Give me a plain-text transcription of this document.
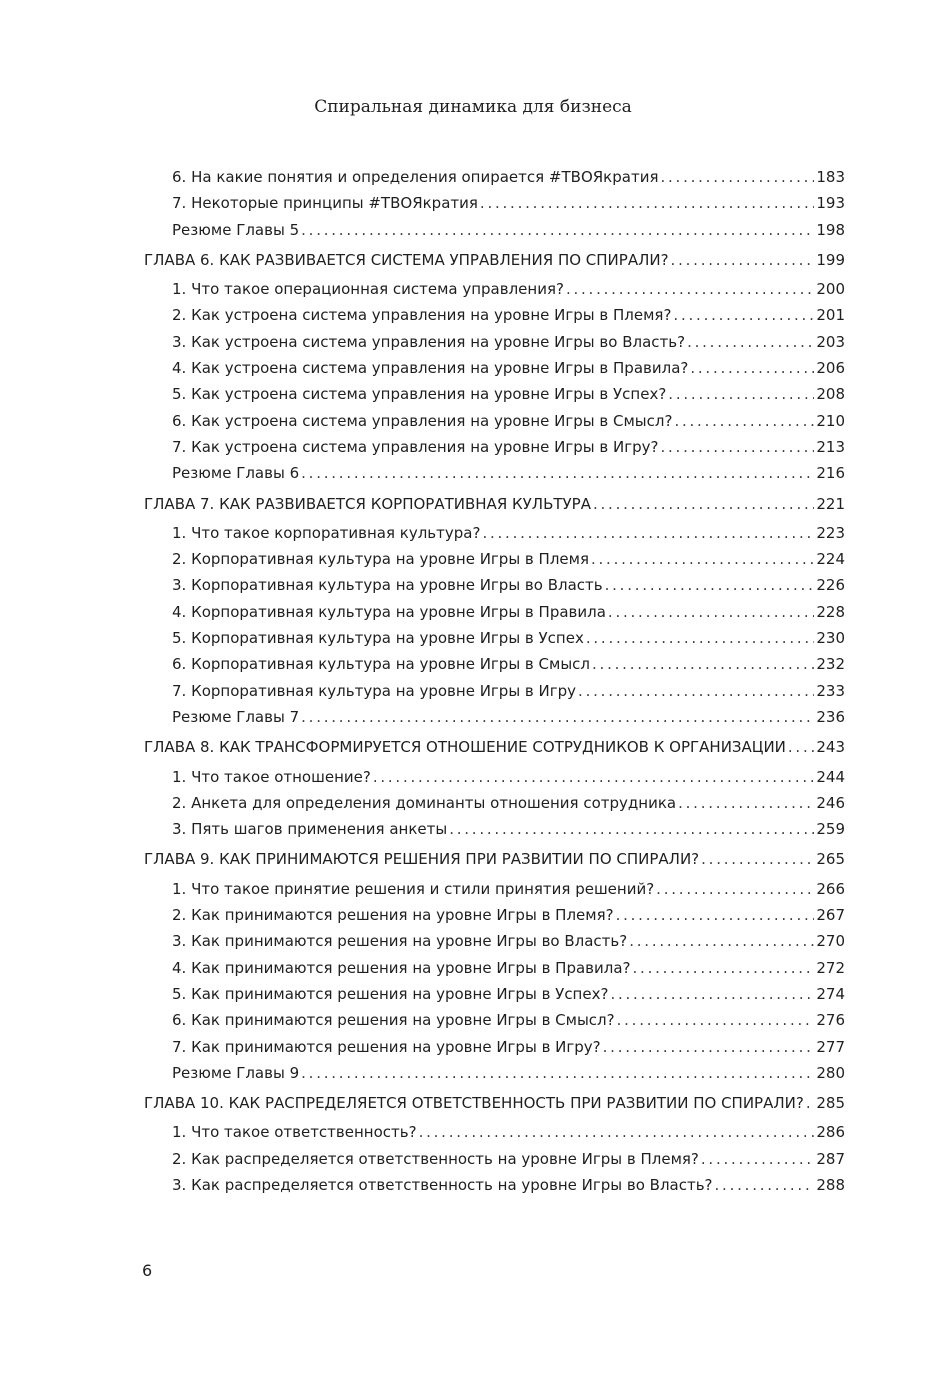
Спиральная динамика для бизнеса
6. На какие понятия и определения опирается #ТВОЯкратия . . .	183
7. Некоторые принципы #ТВОЯкратия . . .	193
Резюме Главы 5 . . .	198
ГЛАВА 6. КАК РАЗВИВАЕТСЯ СИСТЕМА УПРАВЛЕНИЯ ПО СПИРАЛИ? . . .	199
1. Что такое операционная система управления? . . .	200
2. Как устроена система управления на уровне Игры в Племя? . . .	201
3. Как устроена система управления на уровне Игры во Власть? . . .	203
4. Как устроена система управления на уровне Игры в Правила? . . .	206
5. Как устроена система управления на уровне Игры в Успех? . . .	208
6. Как устроена система управления на уровне Игры в Смысл? . . .	210
7. Как устроена система управления на уровне Игры в Игру? . . .	213
Резюме Главы 6 . . .	216
ГЛАВА 7. КАК РАЗВИВАЕТСЯ КОРПОРАТИВНАЯ КУЛЬТУРА . . .	221
1. Что такое корпоративная культура? . . .	223
2. Корпоративная культура на уровне Игры в Племя . . .	224
3. Корпоративная культура на уровне Игры во Власть . . .	226
4. Корпоративная культура на уровне Игры в Правила . . .	228
5. Корпоративная культура на уровне Игры в Успех . . .	230
6. Корпоративная культура на уровне Игры в Смысл . . .	232
7. Корпоративная культура на уровне Игры в Игру . . .	233
Резюме Главы 7 . . .	236
ГЛАВА 8. КАК ТРАНСФОРМИРУЕТСЯ ОТНОШЕНИЕ СОТРУДНИКОВ К ОРГАНИЗАЦИИ . . . 243
1. Что такое отношение? . . .	244
2. Анкета для определения доминанты отношения сотрудника . . .	246
3. Пять шагов применения анкеты . . .	259
ГЛАВА 9. КАК ПРИНИМАЮТСЯ РЕШЕНИЯ ПРИ РАЗВИТИИ ПО СПИРАЛИ? . . .	265
1. Что такое принятие решения и стили принятия решений? . . .	266
2. Как принимаются решения на уровне Игры в Племя? . . .	267
3. Как принимаются решения на уровне Игры во Власть? . . .	270
4. Как принимаются решения на уровне Игры в Правила? . . .	272
5. Как принимаются решения на уровне Игры в Успех? . . .	274
6. Как принимаются решения на уровне Игры в Смысл? . . .	276
7. Как принимаются решения на уровне Игры в Игру? . . .	277
Резюме Главы 9 . . .	280
ГЛАВА 10. КАК РАСПРЕДЕЛЯЕТСЯ ОТВЕТСТВЕННОСТЬ ПРИ РАЗВИТИИ ПО СПИРАЛИ? . . . 285
1. Что такое ответственность? . . .	286
2. Как распределяется ответственность на уровне Игры в Племя? . . .	287
3. Как распределяется ответственность на уровне Игры во Власть? . . .	288
6
